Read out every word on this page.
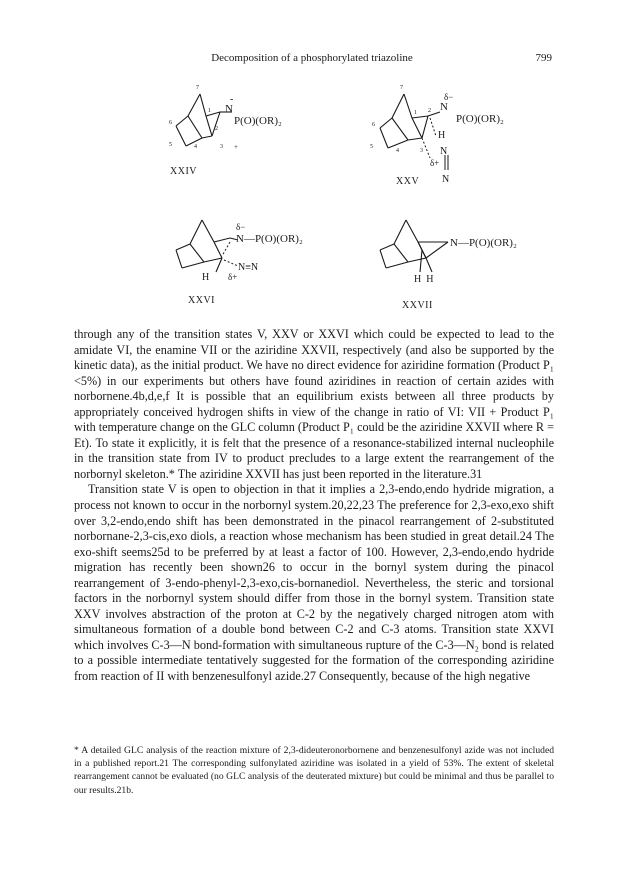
Decomposition of a phosphorylated triazoline	799
7
1
2
3
4
5
6
-
N
P(O)(OR)₂
+
XXIV
7
1 2
3
4
5
6
δ−
N
P(O)(OR)₂
H
N
δ+
N
XXV
δ−
N—P(O)(OR)₂
N≡N
H δ+
XXVI
N—P(O)(OR)₂
H  H
XXVII

through any of the transition states V, XXV or XXVI which could be expected to lead to the amidate VI, the enamine VII or the aziridine XXVII, respectively (and also be supported by the kinetic data), as the initial product. We have no direct evidence for aziridine formation (Product P₁ <5%) in our experiments but others have found aziridines in reaction of certain azides with norbornene.4b,d,e,f It is possible that an equilibrium exists between all three products by appropriately conceived hydrogen shifts in view of the change in ratio of VI: VII + Product P₁ with temperature change on the GLC column (Product P₁ could be the aziridine XXVII where R = Et). To state it explicitly, it is felt that the presence of a resonance-stabilized internal nucleophile in the transition state from IV to product precludes to a large extent the rearrangement of the norbornyl skeleton.* The aziridine XXVII has just been reported in the literature.31

Transition state V is open to objection in that it implies a 2,3-endo,endo hydride migration, a process not known to occur in the norbornyl system.20,22,23 The preference for 2,3-exo,exo shift over 3,2-endo,endo shift has been demonstrated in the pinacol rearrangement of 2-substituted norbornane-2,3-cis,exo diols, a reaction whose mechanism has been studied in great detail.24 The exo-shift seems25d to be preferred by at least a factor of 100. However, 2,3-endo,endo hydride migration has recently been shown26 to occur in the bornyl system during the pinacol rearrangement of 3-endo-phenyl-2,3-exo,cis-bornanediol. Nevertheless, the steric and torsional factors in the norbornyl system should differ from those in the bornyl system. Transition state XXV involves abstraction of the proton at C-2 by the negatively charged nitrogen atom with simultaneous formation of a double bond between C-2 and C-3 atoms. Transition state XXVI which involves C-3—N bond-formation with simultaneous rupture of the C-3—N₂ bond is related to a possible intermediate tentatively suggested for the formation of the corresponding aziridine from reaction of II with benzenesulfonyl azide.27 Consequently, because of the high negative

* A detailed GLC analysis of the reaction mixture of 2,3-dideuteronorbornene and benzenesulfonyl azide was not included in a published report.21 The corresponding sulfonylated aziridine was isolated in a yield of 53%. The extent of skeletal rearrangement cannot be evaluated (no GLC analysis of the deuterated mixture) but could be minimal and thus be parallel to our results.21b.
